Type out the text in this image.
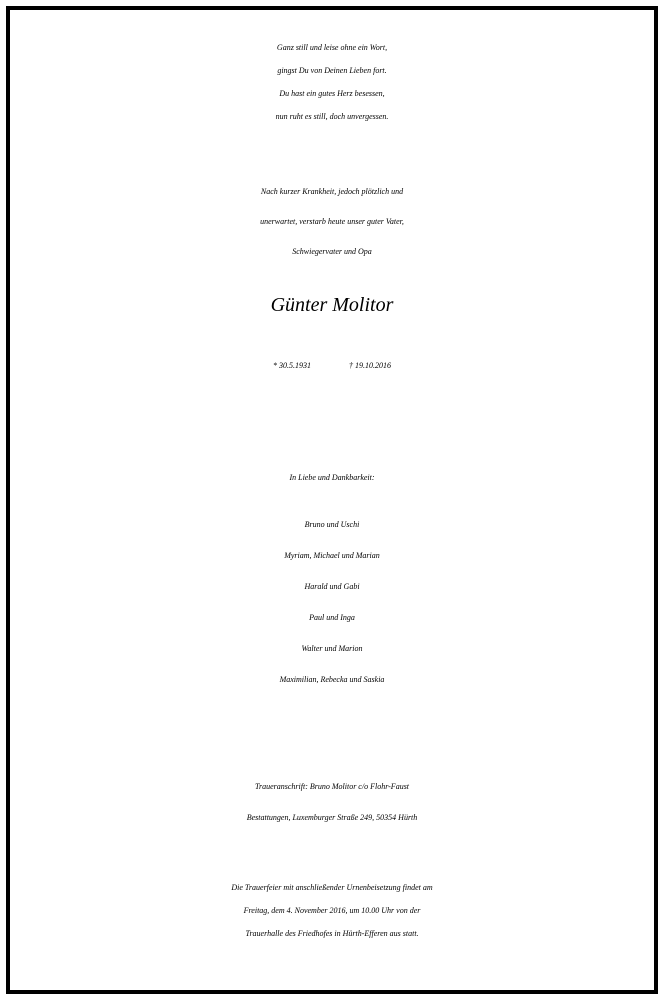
Ganz still und leise ohne ein Wort,

gingst Du von Deinen Lieben fort.

Du hast ein gutes Herz besessen,

nun ruht es still, doch unvergessen.

Nach kurzer Krankheit, jedoch plötzlich und

unerwartet, verstarb heute unser guter Vater,

Schwiegervater und Opa

Günter Molitor

* 30.5.1931	† 19.10.2016

In Liebe und Dankbarkeit:

Bruno und Uschi

Myriam, Michael und Marian

Harald und Gabi

Paul und Inga

Walter und Marion

Maximilian, Rebecka und Saskia

Traueranschrift: Bruno Molitor c/o Flohr-Faust

Bestattungen, Luxemburger Straße 249, 50354 Hürth

Die Trauerfeier mit anschließender Urnenbeisetzung findet am

Freitag, dem 4. November 2016, um 10.00 Uhr von der

Trauerhalle des Friedhofes in Hürth-Efferen aus statt.
